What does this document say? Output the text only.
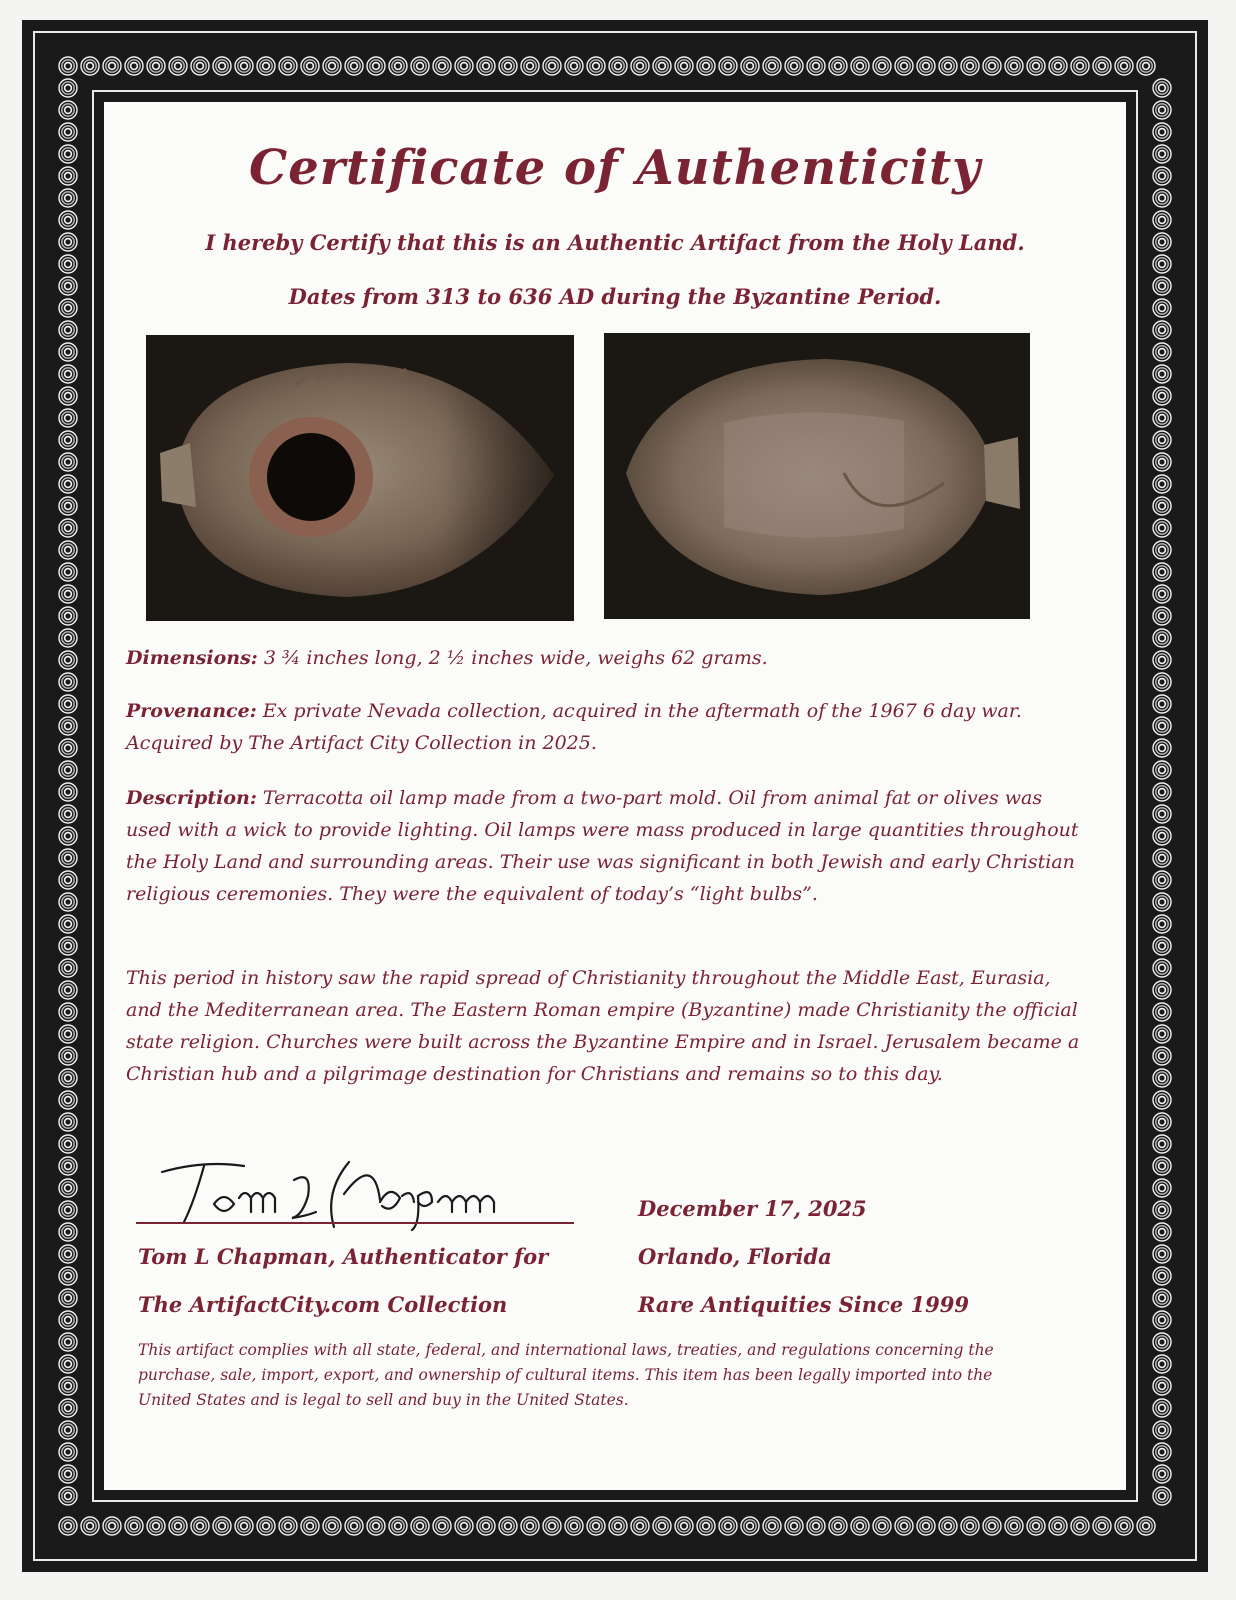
Certificate of Authenticity

I hereby Certify that this is an Authentic Artifact from the Holy Land.

Dates from 313 to 636 AD during the Byzantine Period.

Dimensions: 3 ¾ inches long, 2 ½ inches wide, weighs 62 grams.

Provenance: Ex private Nevada collection, acquired in the aftermath of the 1967 6 day war. Acquired by The Artifact City Collection in 2025.

Description: Terracotta oil lamp made from a two-part mold. Oil from animal fat or olives was used with a wick to provide lighting. Oil lamps were mass produced in large quantities throughout the Holy Land and surrounding areas. Their use was significant in both Jewish and early Christian religious ceremonies. They were the equivalent of today’s “light bulbs”.

This period in history saw the rapid spread of Christianity throughout the Middle East, Eurasia, and the Mediterranean area. The Eastern Roman empire (Byzantine) made Christianity the official state religion. Churches were built across the Byzantine Empire and in Israel. Jerusalem became a Christian hub and a pilgrimage destination for Christians and remains so to this day.

Tom L Chapman, Authenticator for

The ArtifactCity.com Collection

December 17, 2025

Orlando, Florida

Rare Antiquities Since 1999

This artifact complies with all state, federal, and international laws, treaties, and regulations concerning the purchase, sale, import, export, and ownership of cultural items. This item has been legally imported into the United States and is legal to sell and buy in the United States.
